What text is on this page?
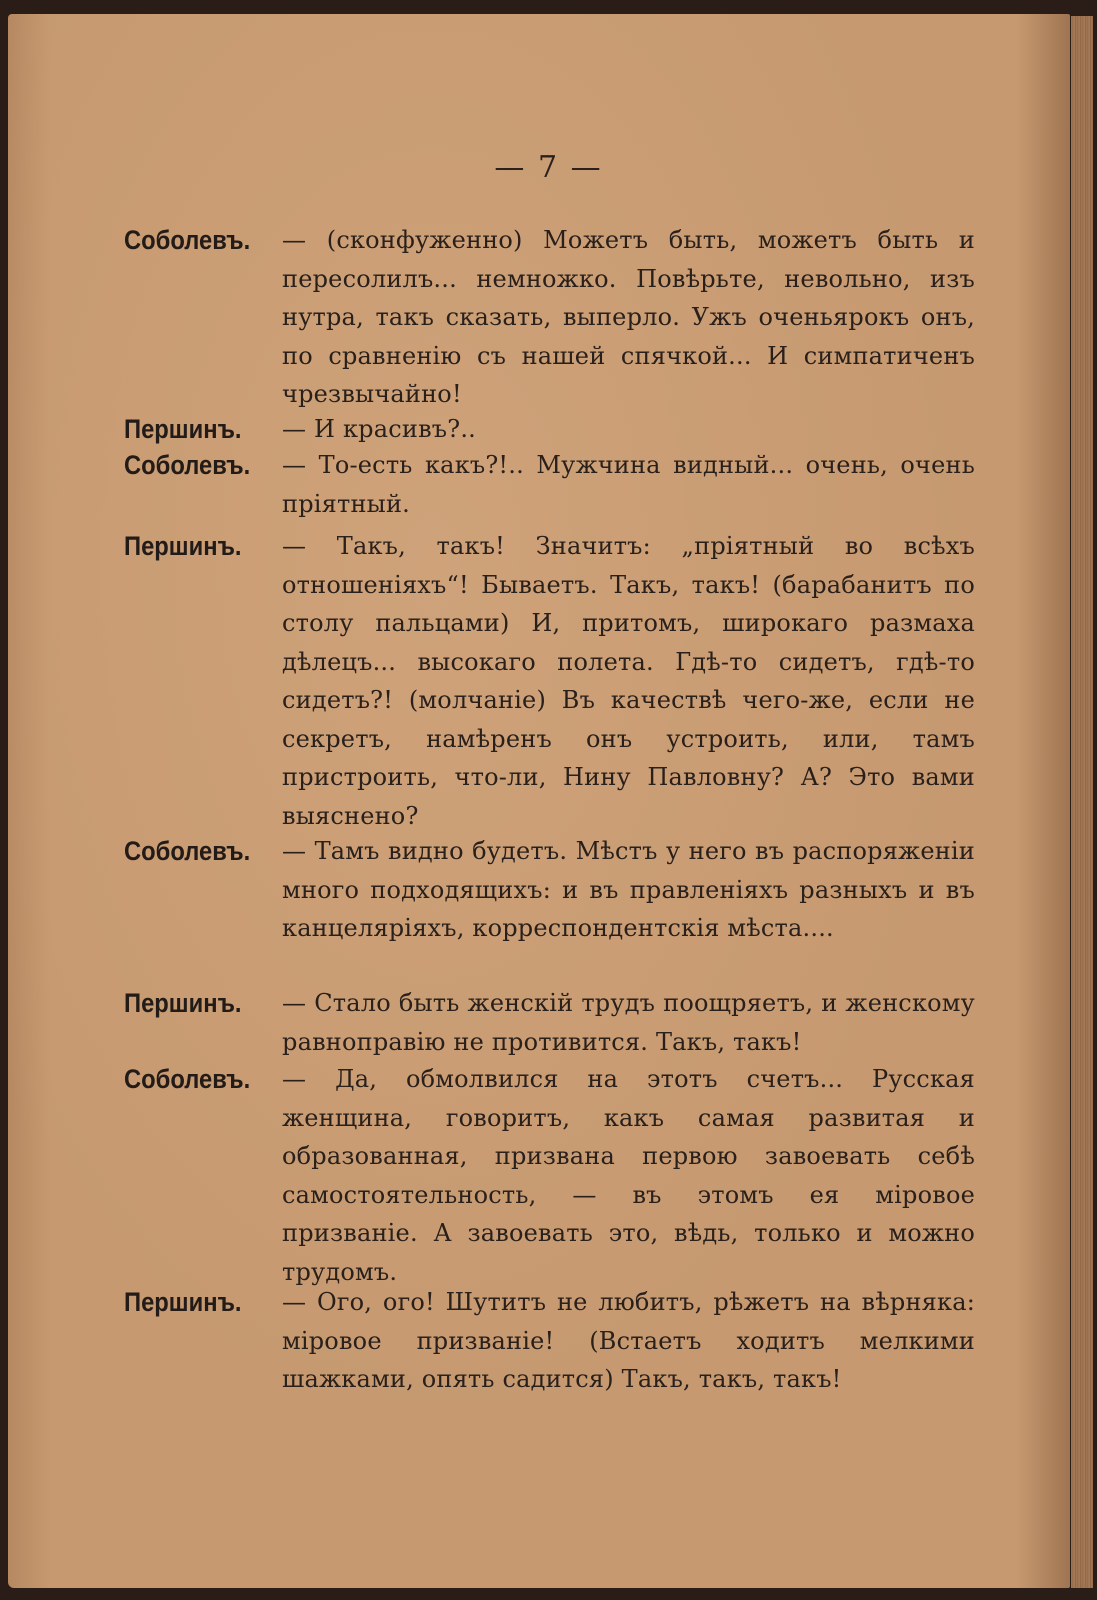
— 7 —
Соболевъ. — (сконфуженно) Можетъ быть, можетъ быть и пересолилъ... немножко. Повѣрьте, невольно, изъ нутра, такъ сказать, выперло. Ужъ оченьярокъ онъ, по сравненію съ нашей спячкой... И симпатиченъ чрезвычайно!
Першинъ. — И красивъ?..
Соболевъ. — То-есть какъ?!.. Мужчина видный... очень, очень пріятный.
Першинъ. — Такъ, такъ! Значитъ: „пріятный во всѣхъ отношеніяхъ“! Бываетъ. Такъ, такъ! (барабанитъ по столу пальцами) И, притомъ, широкаго размаха дѣлецъ... высокаго полета. Гдѣ-то сидетъ, гдѣ-то сидетъ?! (молчаніе) Въ качествѣ чего-же, если не секретъ, намѣренъ онъ устроить, или, тамъ пристроить, что-ли, Нину Павловну? А? Это вами выяснено?
Соболевъ. — Тамъ видно будетъ. Мѣстъ у него въ распоряженіи много подходящихъ: и въ правленіяхъ разныхъ и въ канцеляріяхъ, корреспондентскія мѣста....
Першинъ. — Стало быть женскій трудъ поощряетъ, и женскому равноправію не противится. Такъ, такъ!
Соболевъ. — Да, обмолвился на этотъ счетъ... Русская женщина, говоритъ, какъ самая развитая и образованная, призвана первою завоевать себѣ самостоятельность, — въ этомъ ея міровое призваніе. А завоевать это, вѣдь, только и можно трудомъ.
Першинъ. — Ого, ого! Шутитъ не любитъ, рѣжетъ на вѣрняка: міровое призваніе! (Встаетъ ходитъ мелкими шажками, опять садится) Такъ, такъ, такъ!
